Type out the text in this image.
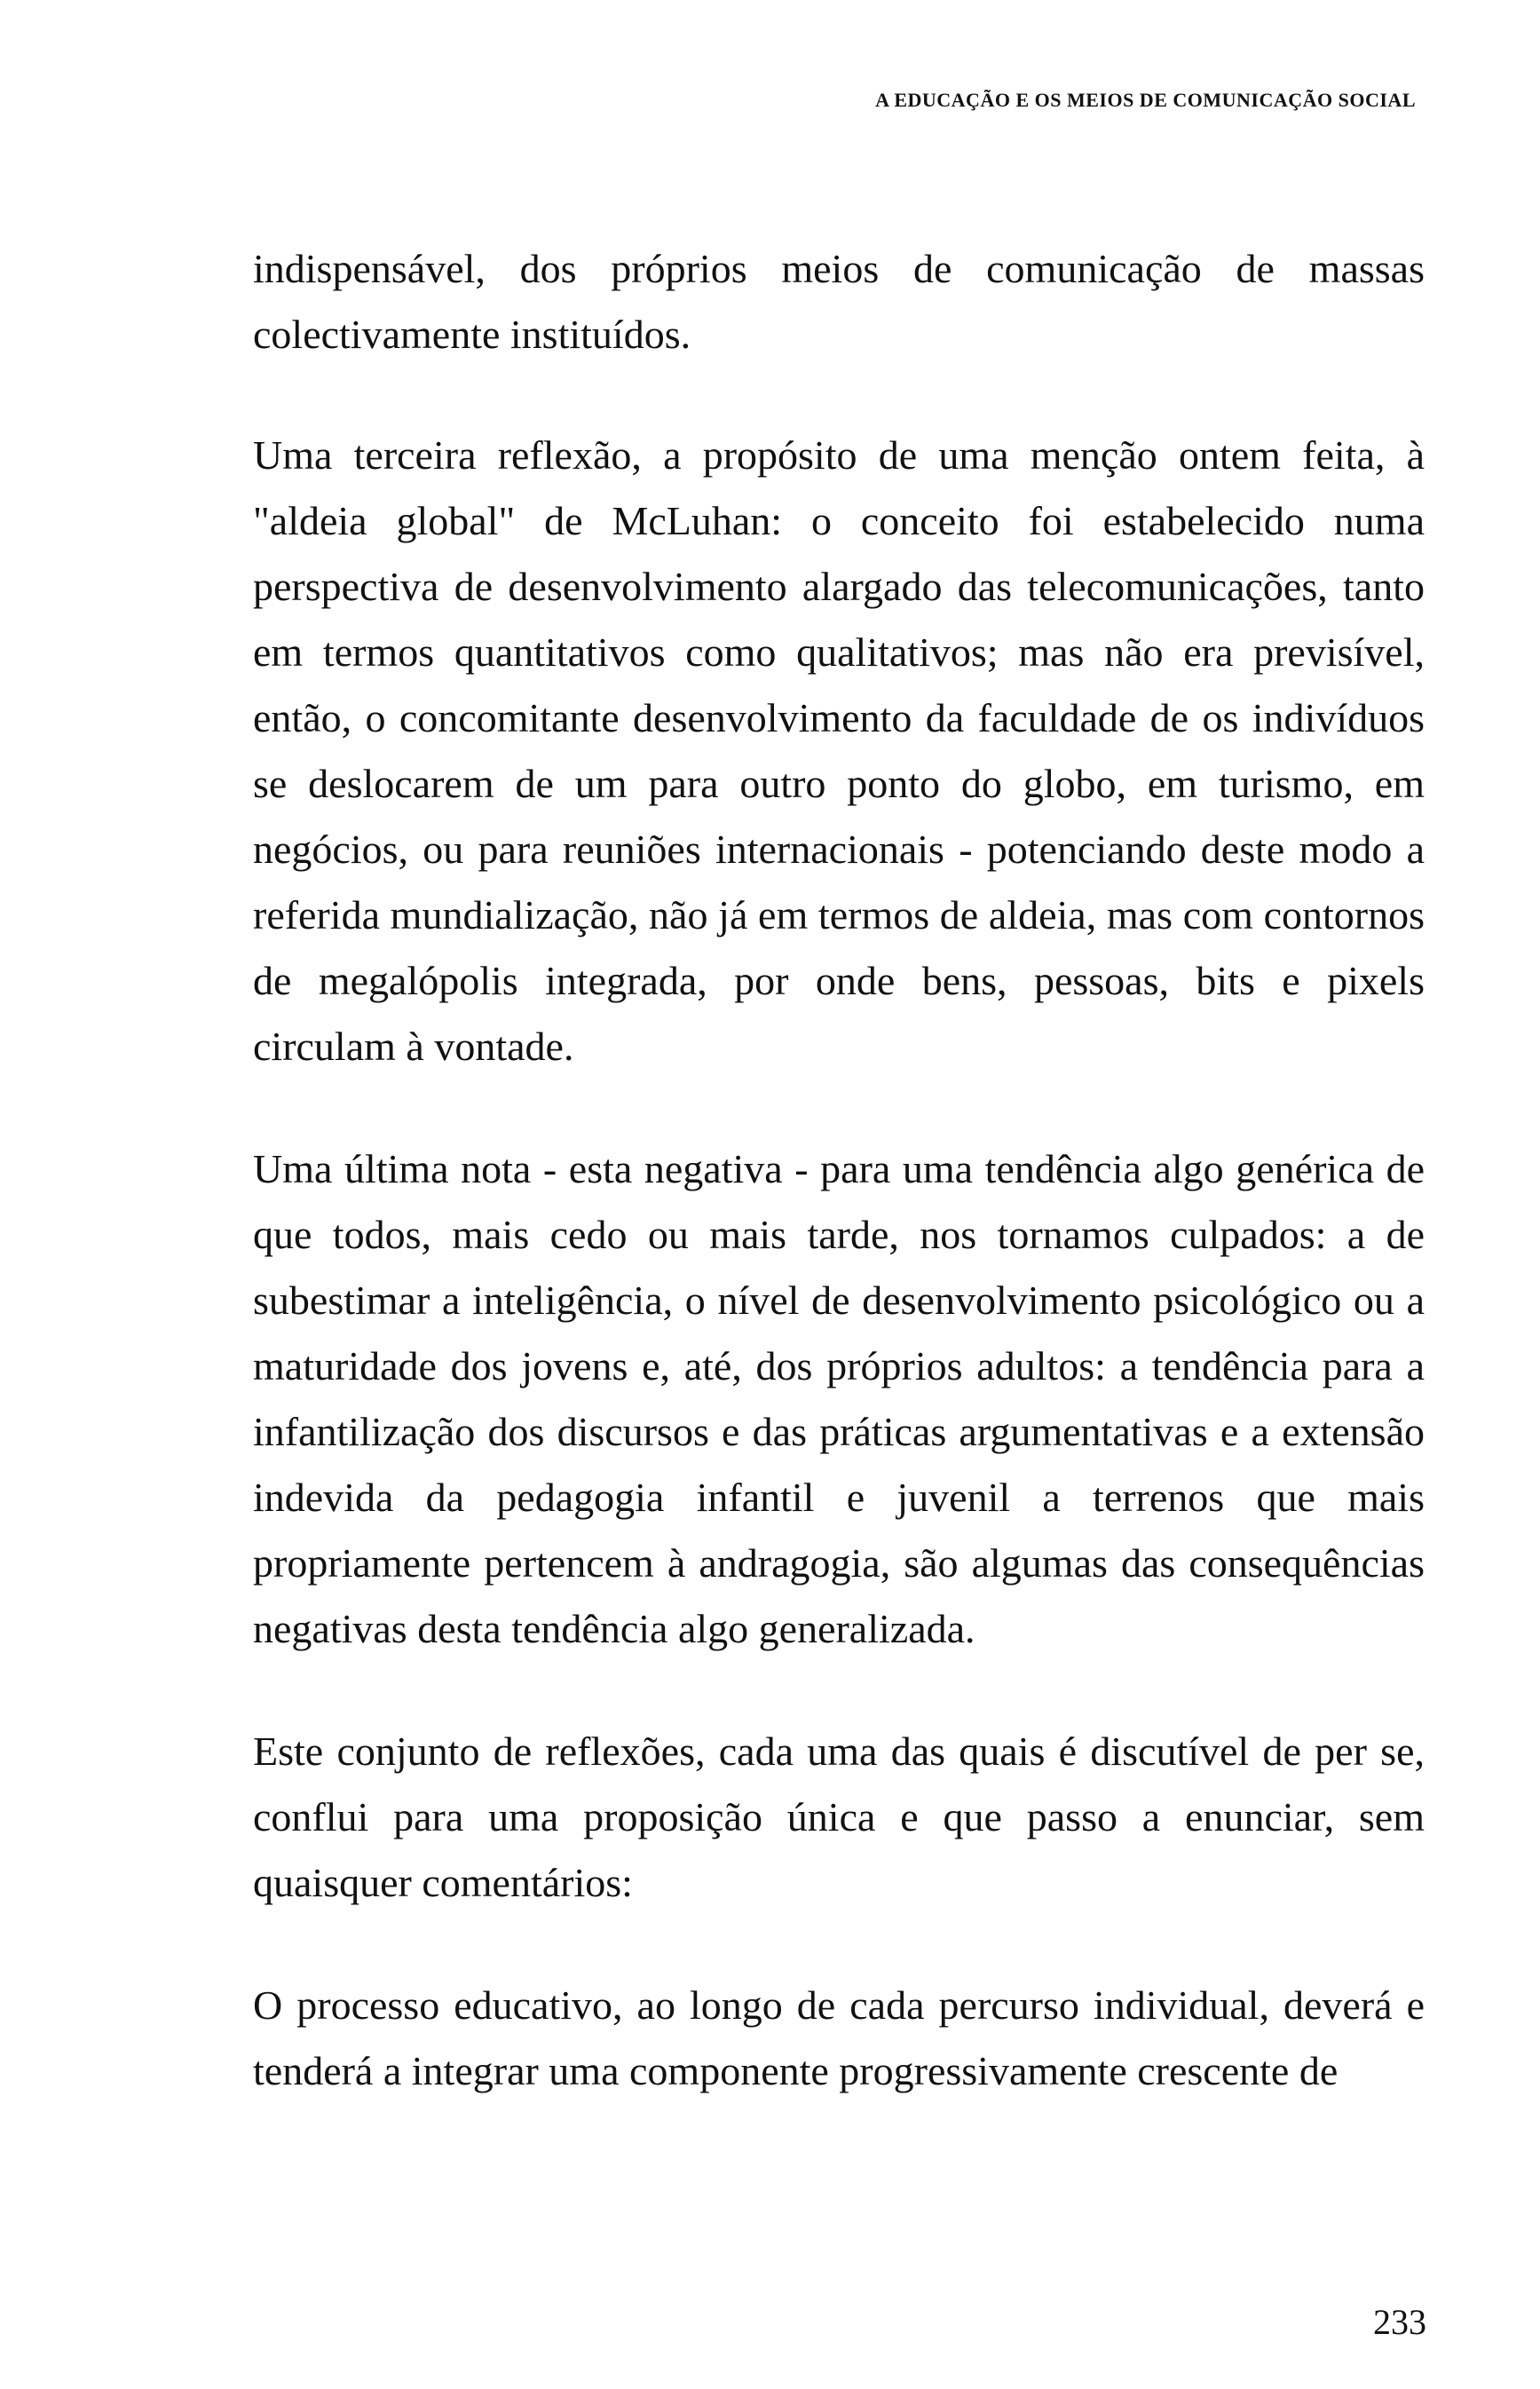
A EDUCAÇÃO E OS MEIOS DE COMUNICAÇÃO SOCIAL

indispensável, dos próprios meios de comunicação de massas colectivamente instituídos.

Uma terceira reflexão, a propósito de uma menção ontem feita, à "aldeia global" de McLuhan: o conceito foi estabelecido numa perspectiva de desenvolvimento alargado das telecomunicações, tanto em termos quantitativos como qualitativos; mas não era previsível, então, o concomitante desenvolvimento da faculdade de os indivíduos se deslocarem de um para outro ponto do globo, em turismo, em negócios, ou para reuniões internacionais - potenciando deste modo a referida mundialização, não já em termos de aldeia, mas com contornos de megalópolis integrada, por onde bens, pessoas, bits e pixels circulam à vontade.

Uma última nota - esta negativa - para uma tendência algo genérica de que todos, mais cedo ou mais tarde, nos tornamos culpados: a de subestimar a inteligência, o nível de desenvolvimento psicológico ou a maturidade dos jovens e, até, dos próprios adultos: a tendência para a infantilização dos discursos e das práticas argumentativas e a extensão indevida da pedagogia infantil e juvenil a terrenos que mais propriamente pertencem à andragogia, são algumas das consequências negativas desta tendência algo generalizada.

Este conjunto de reflexões, cada uma das quais é discutível de per se, conflui para uma proposição única e que passo a enunciar, sem quaisquer comentários:

O processo educativo, ao longo de cada percurso individual, deverá e tenderá a integrar uma componente progressivamente crescente de

233
